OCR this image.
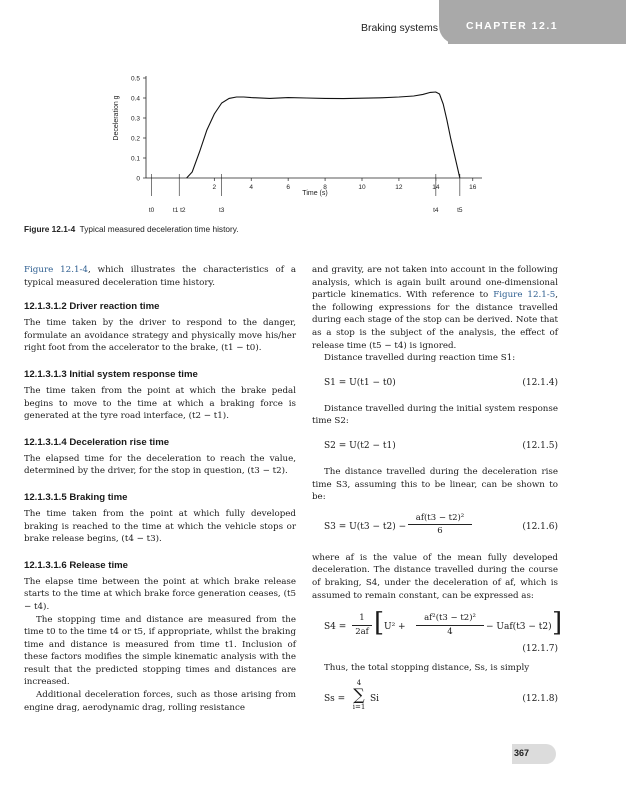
Braking systems	CHAPTER 12.1
Deceleration g
0
0.1
0.2
0.3
0.4
0.5
2	4	6	8	10	12	14	16
t0	t1 t2	t3	t4	t5
Time (s)
Figure 12.1-4 Typical measured deceleration time history.

Figure 12.1-4, which illustrates the characteristics of a typical measured deceleration time history.

12.1.3.1.2 Driver reaction time

The time taken by the driver to respond to the danger, formulate an avoidance strategy and physically move his/her right foot from the accelerator to the brake, (t1 − t0).

12.1.3.1.3 Initial system response time

The time taken from the point at which the brake pedal begins to move to the time at which a braking force is generated at the tyre road interface, (t2 − t1).

12.1.3.1.4 Deceleration rise time

The elapsed time for the deceleration to reach the value, determined by the driver, for the stop in question, (t3 − t2).

12.1.3.1.5 Braking time

The time taken from the point at which fully developed braking is reached to the time at which the vehicle stops or brake release begins, (t4 − t3).

12.1.3.1.6 Release time

The elapse time between the point at which brake release starts to the time at which brake force generation ceases, (t5 − t4).

The stopping time and distance are measured from the time t0 to the time t4 or t5, if appropriate, whilst the braking time and distance is measured from time t1. Inclusion of these factors modifies the simple kinematic analysis with the result that the predicted stopping times and distances are increased.

Additional deceleration forces, such as those arising from engine drag, aerodynamic drag, rolling resistance

and gravity, are not taken into account in the following analysis, which is again built around one-dimensional particle kinematics. With reference to Figure 12.1-5, the following expressions for the distance travelled during each stage of the stop can be derived. Note that as a stop is the subject of the analysis, the effect of release time (t5 − t4) is ignored.

Distance travelled during reaction time S1:

S1 = U(t1 − t0)	(12.1.4)

Distance travelled during the initial system response time S2:

S2 = U(t2 − t1)	(12.1.5)

The distance travelled during the deceleration rise time S3, assuming this to be linear, can be shown to be:

S3 = U(t3 − t2) −
af(t3 − t2)²
6	(12.1.6)

where af is the value of the mean fully developed deceleration. The distance travelled during the course of braking, S4, under the deceleration of af, which is assumed to remain constant, can be expressed as:

S4 =
1
2af [ U² +
af²(t3 − t2)²
4	− Uaf(t3 − t2) ]
(12.1.7)

Thus, the total stopping distance, Ss, is simply

Ss =
4
∑
i=1
Si	(12.1.8)
367
